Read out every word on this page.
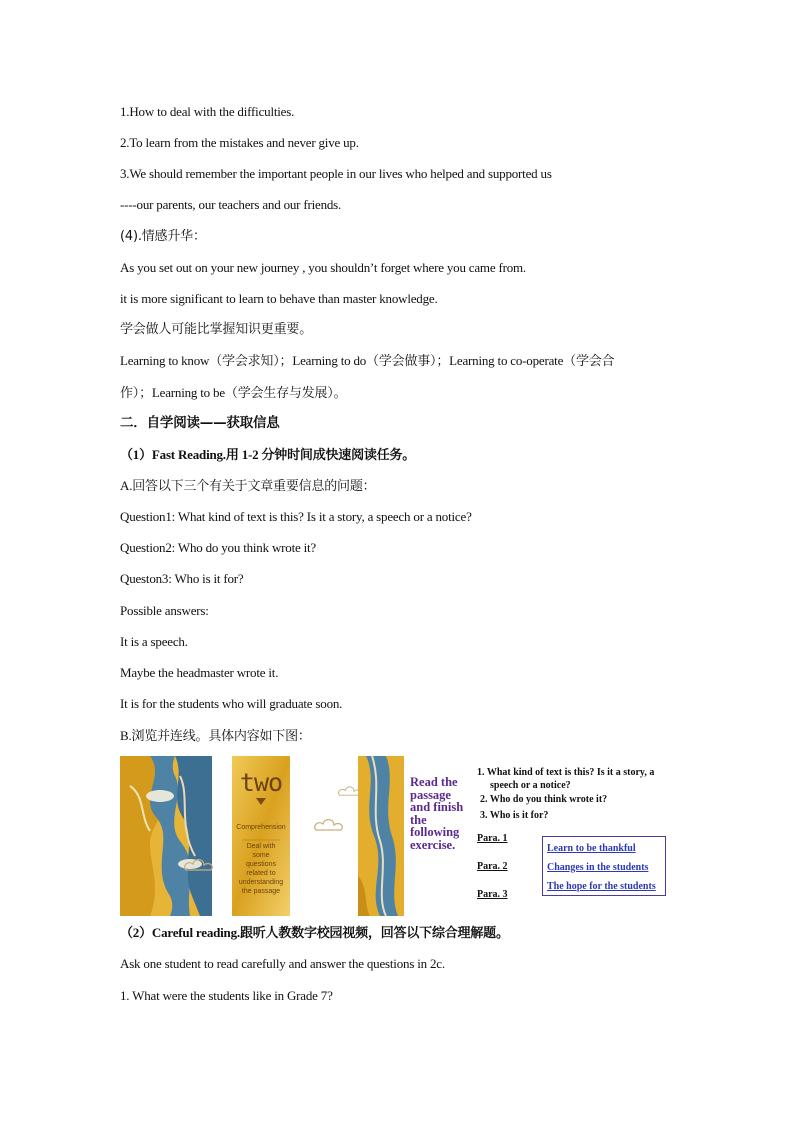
1.How to deal with the difficulties.
2.To learn from the mistakes and never give up.
3.We should remember the important people in our lives who helped and supported us
----our parents, our teachers and our friends.
(4).情感升华：
As you set out on your new journey , you shouldn’t forget where you came from.
it is more significant to learn to behave than master knowledge.
学会做人可能比掌握知识更重要。
Learning to know（学会求知）；Learning to do（学会做事）；Learning to co-operate（学会合
作）；Learning to be（学会生存与发展）。
二．自学阅读——获取信息
（1）Fast Reading.用 1-2 分钟时间成快速阅读任务。
A.回答以下三个有关于文章重要信息的问题：
Question1: What kind of text is this? Is it a story, a speech or a notice?
Question2: Who do you think wrote it?
Queston3: Who is it for?
Possible answers:
It is a speech.
Maybe the headmaster wrote it.
It is for the students who will graduate soon.
B.浏览并连线。具体内容如下图：
two
Comprehension
Deal with
some
questions
related to
understanding
the passage
Read the
passage
and finish
the
following
exercise.
1. What kind of text is this? Is it a story, a
speech or a notice?
2. Who do you think wrote it?
3. Who is it for?
Para. 1
Para. 2
Para. 3
Learn to be thankful
Changes in the students
The hope for the students
（2）Careful reading.跟听人教数字校园视频，回答以下综合理解题。
Ask one student to read carefully and answer the questions in 2c.
1. What were the students like in Grade 7?
